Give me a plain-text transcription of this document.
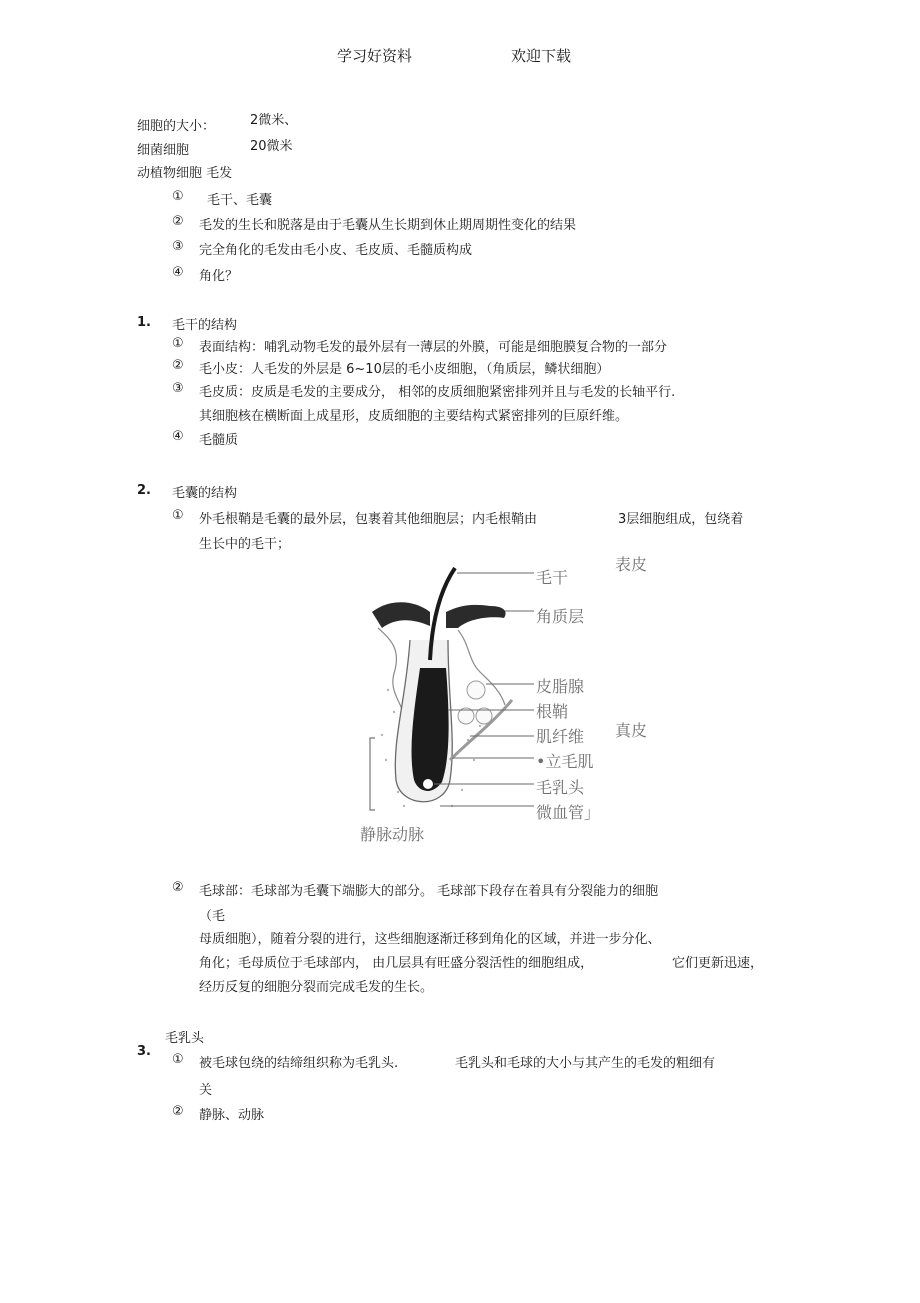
学习好资料	欢迎下载
细胞的大小：	2微米、
细菌细胞	20微米
动植物细胞 毛发
① 毛干、毛囊
② 毛发的生长和脱落是由于毛囊从生长期到休止期周期性变化的结果
③ 完全角化的毛发由毛小皮、毛皮质、毛髓质构成
④ 角化？
1. 毛干的结构
① 表面结构：哺乳动物毛发的最外层有一薄层的外膜，可能是细胞膜复合物的一部分
② 毛小皮：人毛发的外层是 6~10层的毛小皮细胞，（角质层，鳞状细胞）
③ 毛皮质：皮质是毛发的主要成分， 相邻的皮质细胞紧密排列并且与毛发的长轴平行.
其细胞核在横断面上成星形，皮质细胞的主要结构式紧密排列的巨原纤维。
④ 毛髓质
2. 毛囊的结构
① 外毛根鞘是毛囊的最外层，包裹着其他细胞层；内毛根鞘由	3层细胞组成，包绕着
生长中的毛干；
表皮
真皮
毛干
角质层
皮脂腺
根鞘
肌纤维
•立毛肌
毛乳头
微血管」
静脉动脉
② 毛球部：毛球部为毛囊下端膨大的部分。 毛球部下段存在着具有分裂能力的细胞
（毛
母质细胞），随着分裂的进行，这些细胞逐渐迁移到角化的区域，并进一步分化、
角化；毛母质位于毛球部内， 由几层具有旺盛分裂活性的细胞组成，	它们更新迅速，
经历反复的细胞分裂而完成毛发的生长。
毛乳头
3.
① 被毛球包绕的结缔组织称为毛乳头.	毛乳头和毛球的大小与其产生的毛发的粗细有
关
② 静脉、动脉
